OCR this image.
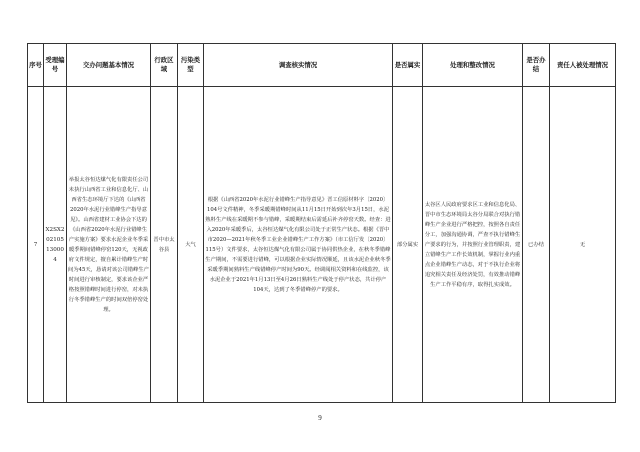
序号	受理编号	交办问题基本情况	行政区域	污染类型	调查核实情况	是否属实	处理和整改情况	是否办结	责任人被处理情况
7	X2SX202105130004	举报太谷恒达煤气化有限责任公司未执行山西省工业和信息化厅、山西省生态环境厅下达的《山西省2020年水泥行业错峰生产指导意见》。山西省建材工业协会下达的《山西省2020年水泥行业错峰生产实施方案》要求水泥企业冬季采暖季期间错峰停窑120天，无视政府文件规定，擅自累计错峰生产时间为45天，恳请对该公司错峰生产时间进行审核制定，要求该企业严格按照错峰时间进行停窑，对未执行冬季错峰生产的时间双倍停窑处理。	晋中市太谷县	大气	根据《山西省2020年水泥行业错峰生产指导意见》晋工信原材料字〔2020〕104号文件精神，冬季采暖期错峰时间从11月15日开始到次年3月15日，水泥熟料生产线在采暖期不参与错峰，采暖期结束后需延后补齐停窑天数。经查：进入2020年采暖季后，太谷恒达煤气化有限公司处于正常生产状态。根据《晋中市2020—2021年秋冬季工业企业错峰生产工作方案》（市工信厅发〔2020〕115号）文件要求，太谷恒达煤气化有限公司属于协同供热企业，在秋冬季错峰生产期间，不需要进行错峰，可以根据企业实际情况顺延，且该水泥企业秋冬季采暖季期间熟料生产线错峰停产时间为90天。经调阅相关资料和在线监控，该水泥企业于2021年1月13日至4月26日熟料生产线处于停产状态，共计停产104天，达到了冬季错峰停产的要求。	部分属实	太谷区人民政府要求区工业和信息化局、晋中市生态环境局太谷分局联合对执行错峰生产企业进行严格把控，按照各自责任分工，加强沟通协调，严查不执行错峰生产要求的行为，并按照行业管理职责，建立错峰生产工作长效机制，掌握行业内重点企业错峰生产动态，对于不执行企业将追究相关责任及经济处罚，有效推动错峰生产工作平稳有序，取得扎实成效。	已办结	无
9
